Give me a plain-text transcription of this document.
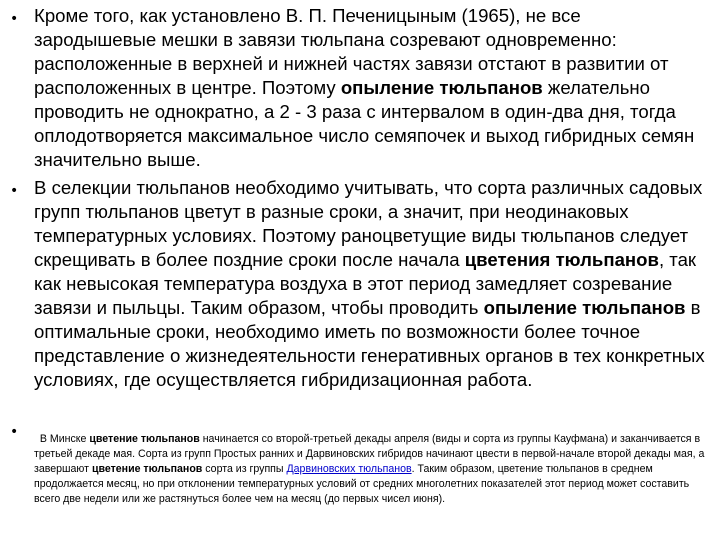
• Кроме того, как установлено В. П. Печеницыным (1965), не все зародышевые мешки в завязи тюльпана созревают одновременно: расположенные в верхней и нижней частях завязи отстают в развитии от расположенных в центре. Поэтому опыление тюльпанов желательно проводить не однократно, а 2 - 3 раза с интервалом в один-два дня, тогда оплодотворяется максимальное число семяпочек и выход гибридных семян значительно выше.

• В селекции тюльпанов необходимо учитывать, что сорта различных садовых групп тюльпанов цветут в разные сроки, а значит, при неодинаковых температурных условиях. Поэтому раноцветущие виды тюльпанов следует скрещивать в более поздние сроки после начала цветения тюльпанов, так как невысокая температура воздуха в этот период замедляет созревание завязи и пыльцы. Таким образом, чтобы проводить опыление тюльпанов в оптимальные сроки, необходимо иметь по возможности более точное представление о жизнедеятельности генеративных органов в тех конкретных условиях, где осуществляется гибридизационная работа.

•	В Минске цветение тюльпанов начинается со второй-третьей декады апреля (виды и сорта из группы Кауфмана) и заканчивается в третьей декаде мая. Сорта из групп Простых ранних и Дарвиновских гибридов начинают цвести в первой-начале второй декады мая, а завершают цветение тюльпанов сорта из группы Дарвиновских тюльпанов. Таким образом, цветение тюльпанов в среднем продолжается месяц, но при отклонении температурных условий от средних многолетних показателей этот период может составить всего две недели или же растянуться более чем на месяц (до первых чисел июня).
